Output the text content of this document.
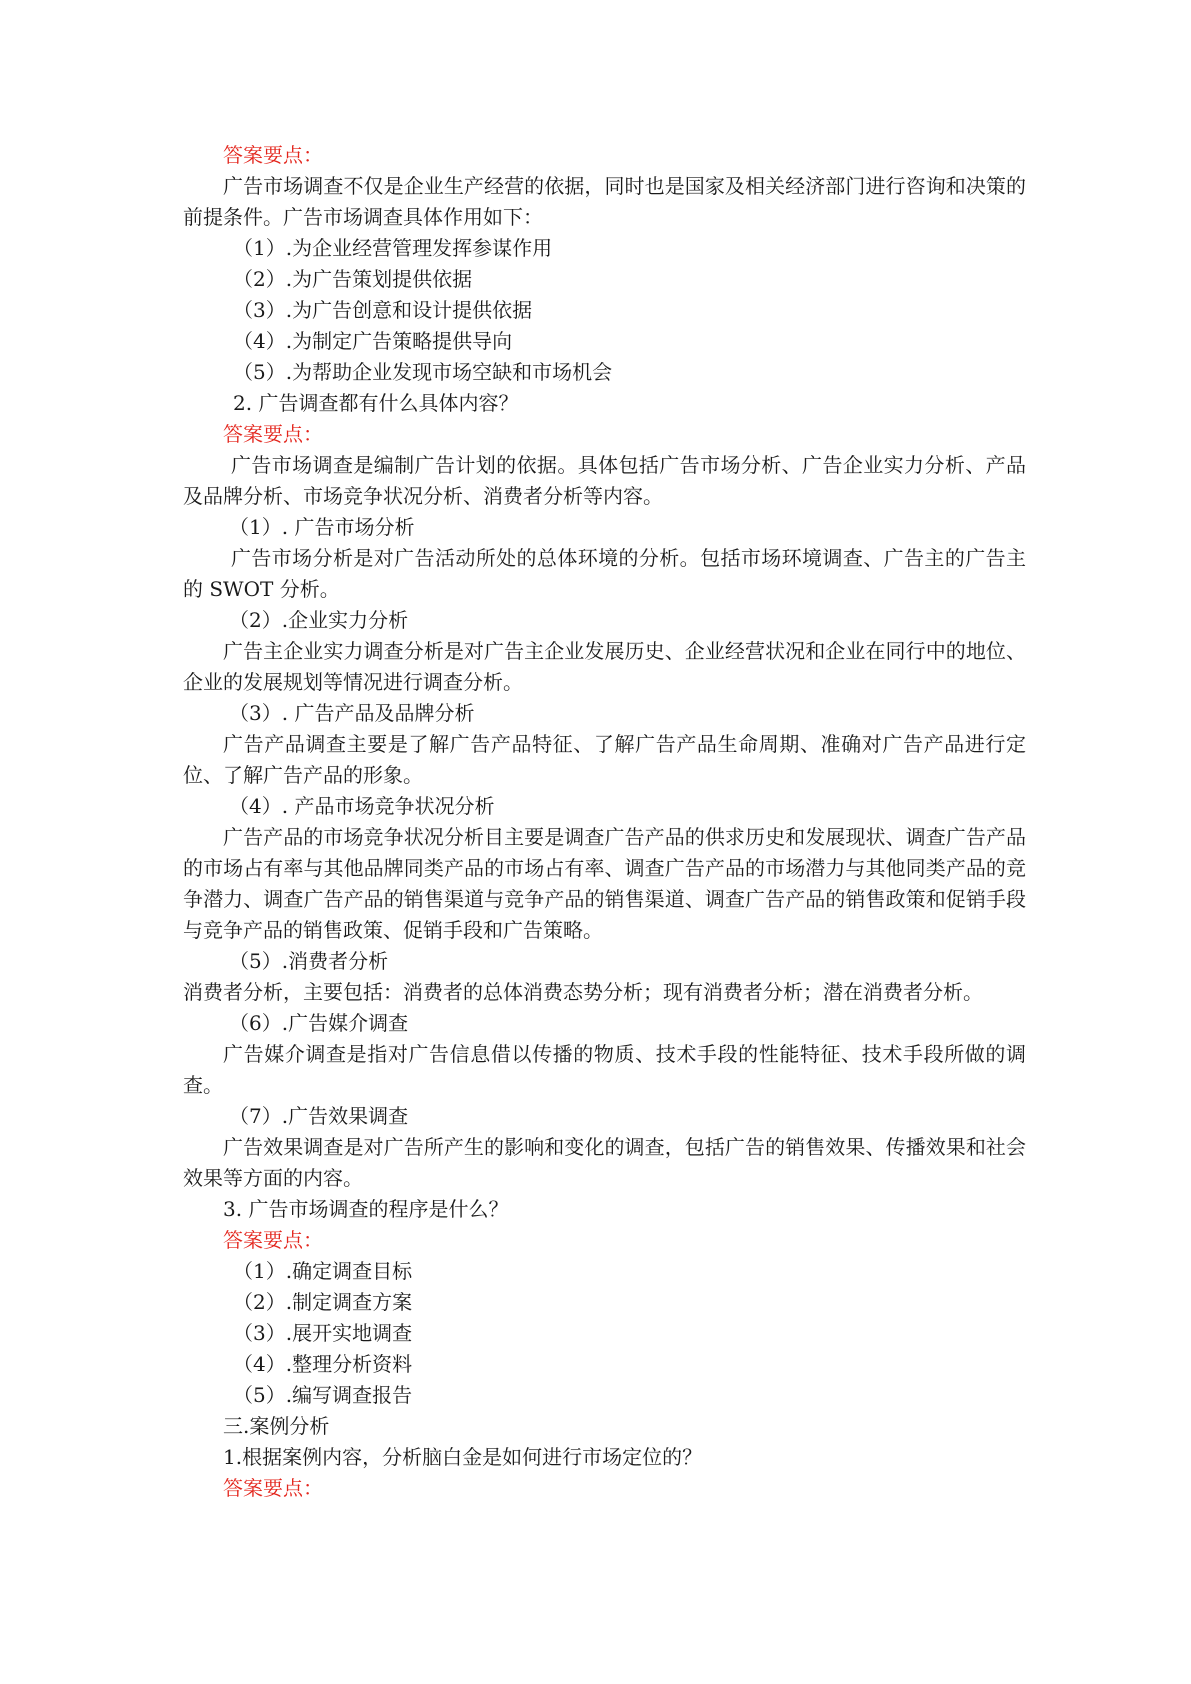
答案要点：
广告市场调查不仅是企业生产经营的依据，同时也是国家及相关经济部门进行咨询和决策的前提条件。广告市场调查具体作用如下：
（1）.为企业经营管理发挥参谋作用
（2）.为广告策划提供依据
（3）.为广告创意和设计提供依据
（4）.为制定广告策略提供导向
（5）.为帮助企业发现市场空缺和市场机会
2. 广告调查都有什么具体内容？
答案要点：
广告市场调查是编制广告计划的依据。具体包括广告市场分析、广告企业实力分析、产品及品牌分析、市场竞争状况分析、消费者分析等内容。
（1）. 广告市场分析
广告市场分析是对广告活动所处的总体环境的分析。包括市场环境调查、广告主的广告主的 SWOT 分析。
（2）.企业实力分析
广告主企业实力调查分析是对广告主企业发展历史、企业经营状况和企业在同行中的地位、企业的发展规划等情况进行调查分析。
（3）. 广告产品及品牌分析
广告产品调查主要是了解广告产品特征、了解广告产品生命周期、准确对广告产品进行定位、了解广告产品的形象。
（4）. 产品市场竞争状况分析
广告产品的市场竞争状况分析目主要是调查广告产品的供求历史和发展现状、调查广告产品的市场占有率与其他品牌同类产品的市场占有率、调查广告产品的市场潜力与其他同类产品的竞争潜力、调查广告产品的销售渠道与竞争产品的销售渠道、调查广告产品的销售政策和促销手段与竞争产品的销售政策、促销手段和广告策略。
（5）.消费者分析
消费者分析，主要包括：消费者的总体消费态势分析；现有消费者分析；潜在消费者分析。
（6）.广告媒介调查
广告媒介调查是指对广告信息借以传播的物质、技术手段的性能特征、技术手段所做的调查。
（7）.广告效果调查
广告效果调查是对广告所产生的影响和变化的调查，包括广告的销售效果、传播效果和社会效果等方面的内容。
3. 广告市场调查的程序是什么？
答案要点：
（1）.确定调查目标
（2）.制定调查方案
（3）.展开实地调查
（4）.整理分析资料
（5）.编写调查报告
三.案例分析
1.根据案例内容，分析脑白金是如何进行市场定位的？
答案要点：
